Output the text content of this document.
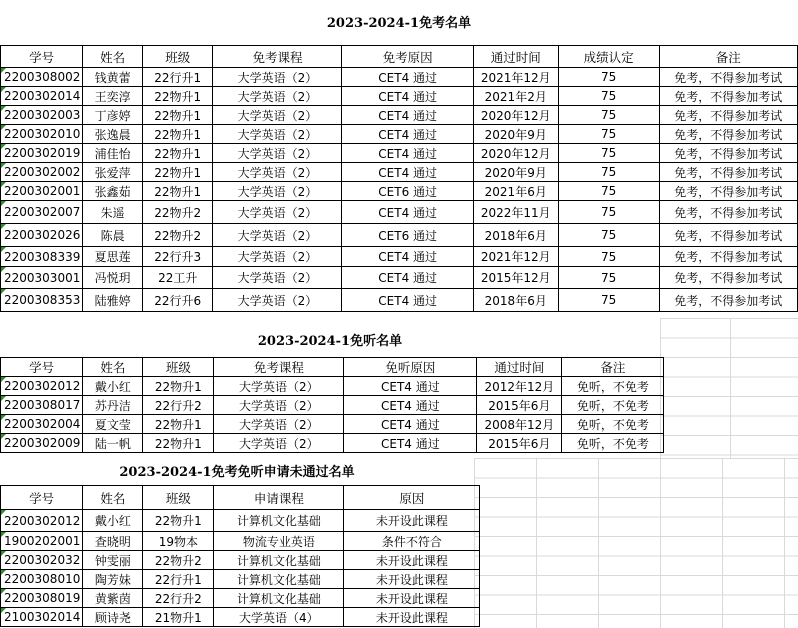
2023-2024-1免考名单
学号	姓名	班级	免考课程	免考原因	通过时间	成绩认定	备注
2200308002	钱黄蕾	22行升1	大学英语（2）	CET4 通过	2021年12月	75	免考，不得参加考试
2200302014	王奕淳	22物升1	大学英语（2）	CET4 通过	2021年2月	75	免考，不得参加考试
2200302003	丁彦婷	22物升1	大学英语（2）	CET4 通过	2020年12月	75	免考，不得参加考试
2200302010	张逸晨	22物升1	大学英语（2）	CET4 通过	2020年9月	75	免考，不得参加考试
2200302019	浦佳怡	22物升1	大学英语（2）	CET4 通过	2020年12月	75	免考，不得参加考试
2200302002	张爱萍	22物升1	大学英语（2）	CET4 通过	2020年9月	75	免考，不得参加考试
2200302001	张鑫茹	22物升1	大学英语（2）	CET6 通过	2021年6月	75	免考，不得参加考试
2200302007	朱遥	22物升2	大学英语（2）	CET4 通过	2022年11月	75	免考，不得参加考试
2200302026	陈晨	22物升2	大学英语（2）	CET6 通过	2018年6月	75	免考，不得参加考试
2200308339	夏思莲	22行升3	大学英语（2）	CET4 通过	2021年12月	75	免考，不得参加考试
2200303001	冯悦玥	22工升	大学英语（2）	CET4 通过	2015年12月	75	免考，不得参加考试
2200308353	陆雅婷	22行升6	大学英语（2）	CET4 通过	2018年6月	75	免考，不得参加考试
2023-2024-1免听名单
学号	姓名	班级	免考课程	免听原因	通过时间	备注
2200302012	戴小红	22物升1	大学英语（2）	CET4 通过	2012年12月	免听，不免考
2200308017	苏丹洁	22行升2	大学英语（2）	CET4 通过	2015年6月	免听，不免考
2200302004	夏文莹	22物升1	大学英语（2）	CET4 通过	2008年12月	免听，不免考
2200302009	陆一帆	22物升1	大学英语（2）	CET4 通过	2015年6月	免听，不免考
2023-2024-1免考免听申请未通过名单
学号	姓名	班级	申请课程	原因
2200302012	戴小红	22物升1	计算机文化基础	未开设此课程
1900202001	查晓明	19物本	物流专业英语	条件不符合
2200302032	钟雯丽	22物升2	计算机文化基础	未开设此课程
2200308010	陶芳妹	22行升1	计算机文化基础	未开设此课程
2200308019	黄紫茵	22行升2	计算机文化基础	未开设此课程
2100302014	顾诗尧	21物升1	大学英语（4）	未开设此课程
